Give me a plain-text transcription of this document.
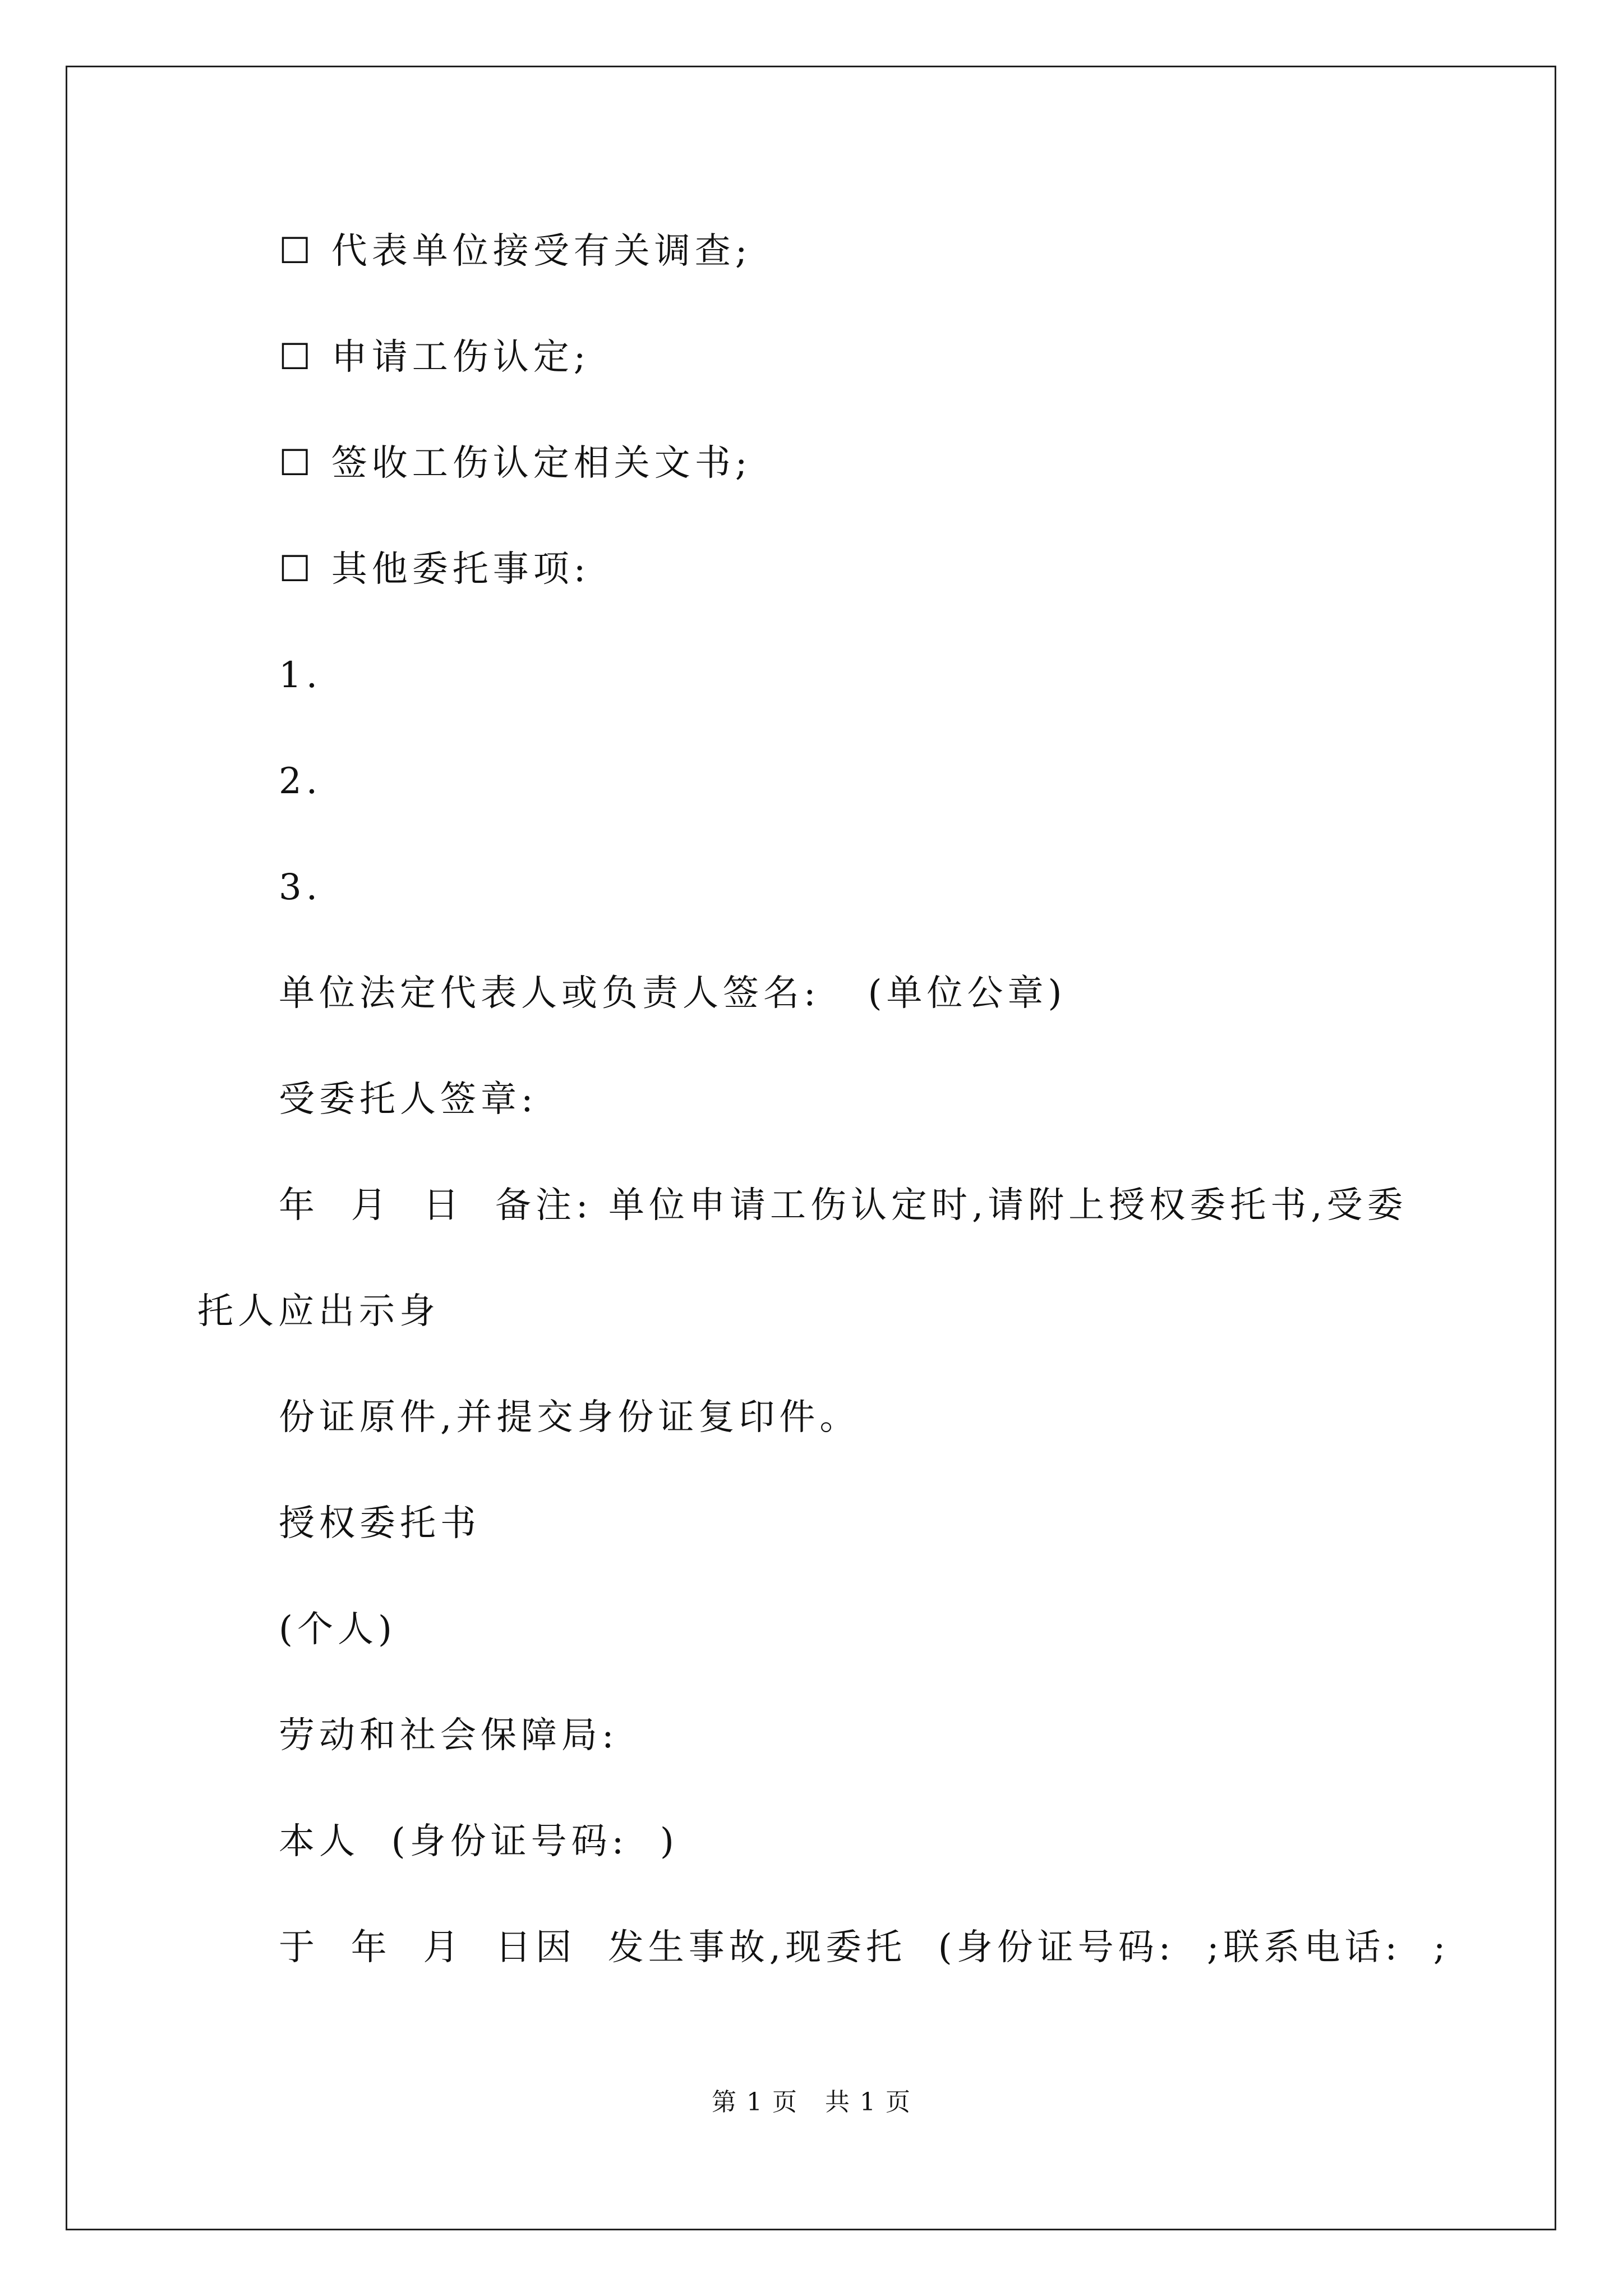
☐ 代表单位接受有关调查;
☐ 申请工伤认定;
☐ 签收工伤认定相关文书;
☐ 其他委托事项:
1.
2.
3.
单位法定代表人或负责人签名:   (单位公章)
受委托人签章:
年  月  日  备注: 单位申请工伤认定时,请附上授权委托书,受委
托人应出示身
份证原件,并提交身份证复印件。
授权委托书
(个人)
劳动和社会保障局:
本人  (身份证号码:  )
于  年  月  日因  发生事故,现委托  (身份证号码:  ;联系电话:  ;
第 1 页   共 1 页
